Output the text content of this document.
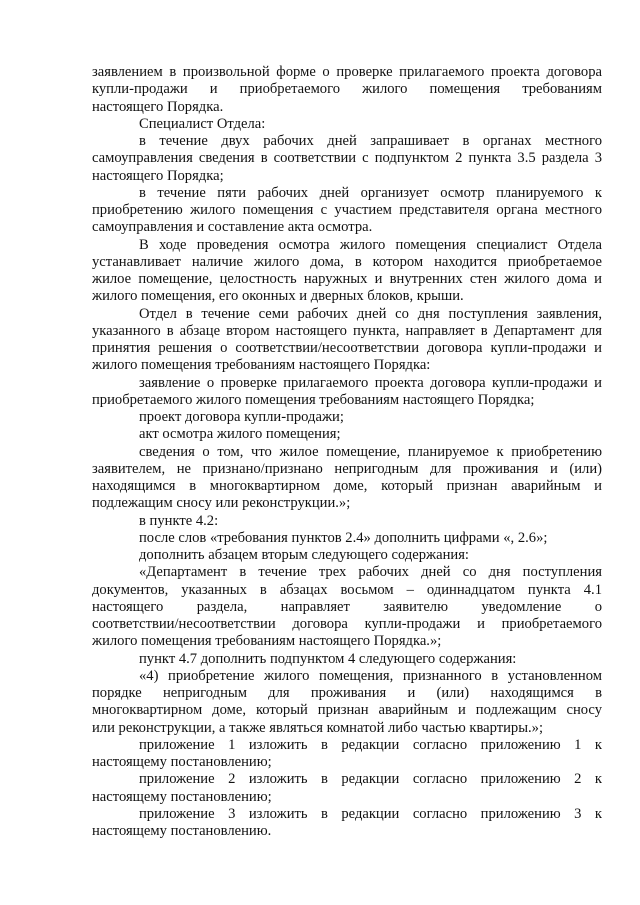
заявлением в произвольной форме о проверке прилагаемого проекта договора
купли-продажи и приобретаемого жилого помещения требованиям
настоящего Порядка.
Специалист Отдела:
в течение двух рабочих дней запрашивает в органах местного
самоуправления сведения в соответствии с подпунктом 2 пункта 3.5 раздела 3
настоящего Порядка;
в течение пяти рабочих дней организует осмотр планируемого к
приобретению жилого помещения с участием представителя органа местного
самоуправления и составление акта осмотра.
В ходе проведения осмотра жилого помещения специалист Отдела
устанавливает наличие жилого дома, в котором находится приобретаемое
жилое помещение, целостность наружных и внутренних стен жилого дома и
жилого помещения, его оконных и дверных блоков, крыши.
Отдел в течение семи рабочих дней со дня поступления заявления,
указанного в абзаце втором настоящего пункта, направляет в Департамент для
принятия решения о соответствии/несоответствии договора купли-продажи и
жилого помещения требованиям настоящего Порядка:
заявление о проверке прилагаемого проекта договора купли-продажи и
приобретаемого жилого помещения требованиям настоящего Порядка;
проект договора купли-продажи;
акт осмотра жилого помещения;
сведения о том, что жилое помещение, планируемое к приобретению
заявителем, не признано/признано непригодным для проживания и (или)
находящимся в многоквартирном доме, который признан аварийным и
подлежащим сносу или реконструкции.»;
в пункте 4.2:
после слов «требования пунктов 2.4» дополнить цифрами «, 2.6»;
дополнить абзацем вторым следующего содержания:
«Департамент в течение трех рабочих дней со дня поступления
документов, указанных в абзацах восьмом – одиннадцатом пункта 4.1
настоящего раздела, направляет заявителю уведомление о
соответствии/несоответствии договора купли-продажи и приобретаемого
жилого помещения требованиям настоящего Порядка.»;
пункт 4.7 дополнить подпунктом 4 следующего содержания:
«4) приобретение жилого помещения, признанного в установленном
порядке непригодным для проживания и (или) находящимся в
многоквартирном доме, который признан аварийным и подлежащим сносу
или реконструкции, а также являться комнатой либо частью квартиры.»;
приложение 1 изложить в редакции согласно приложению 1 к
настоящему постановлению;
приложение 2 изложить в редакции согласно приложению 2 к
настоящему постановлению;
приложение 3 изложить в редакции согласно приложению 3 к
настоящему постановлению.
